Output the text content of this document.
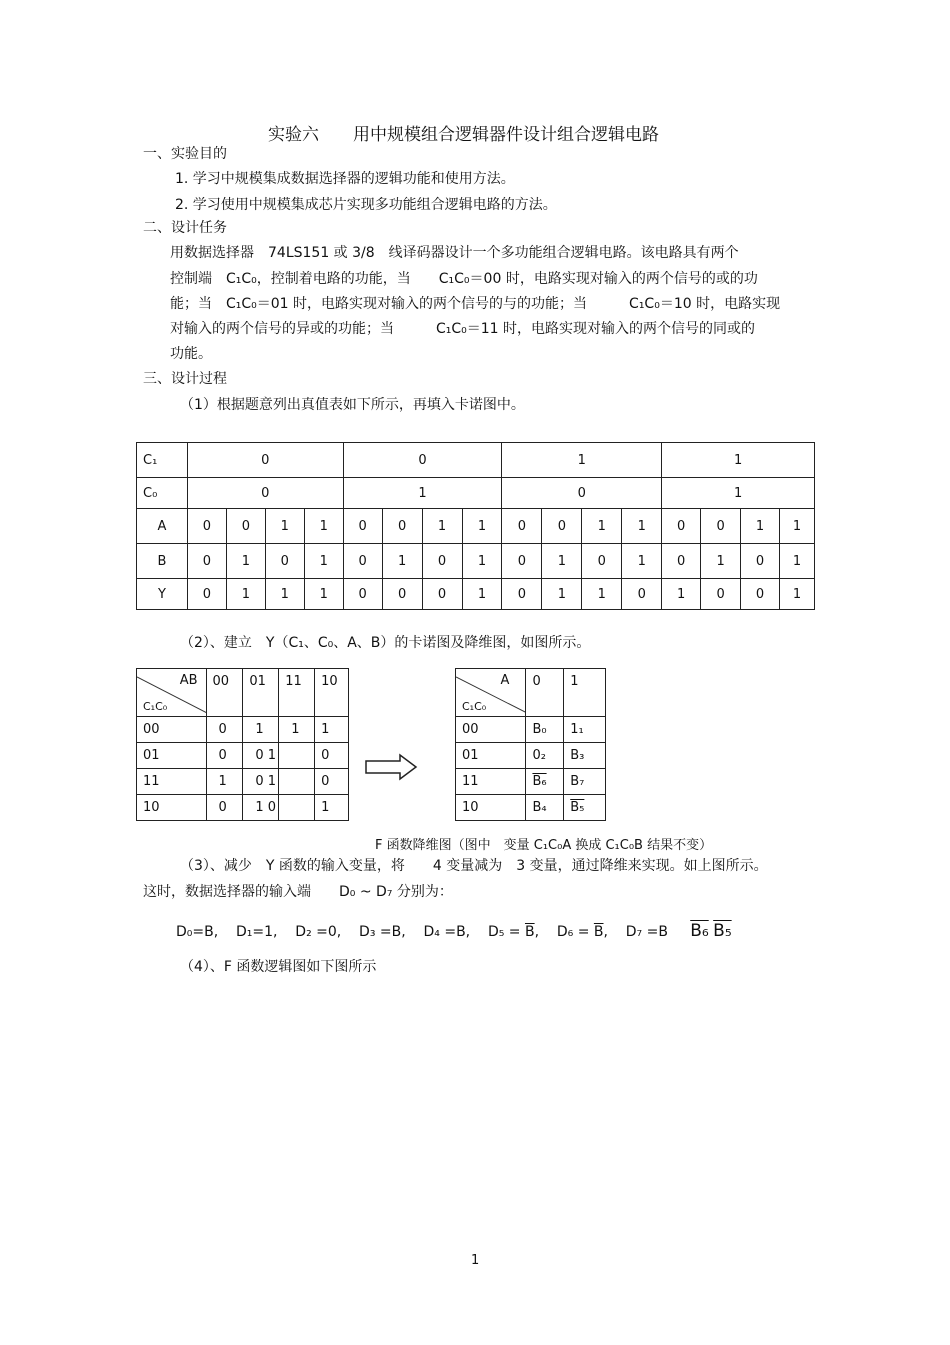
实验六　　用中规模组合逻辑器件设计组合逻辑电路
一、实验目的
1. 学习中规模集成数据选择器的逻辑功能和使用方法。
2. 学习使用中规模集成芯片实现多功能组合逻辑电路的方法。
二、设计任务
用数据选择器　74LS151 或 3/8　线译码器设计一个多功能组合逻辑电路。该电路具有两个
控制端　C₁C₀，控制着电路的功能，当　　C₁C₀＝00 时，电路实现对输入的两个信号的或的功
能；当　C₁C₀＝01 时，电路实现对输入的两个信号的与的功能；当　　　C₁C₀＝10 时，电路实现
对输入的两个信号的异或的功能；当　　　C₁C₀＝11 时，电路实现对输入的两个信号的同或的
功能。
三、设计过程
（1）根据题意列出真值表如下所示，再填入卡诺图中。
C₁	0				0				1				1			
C₀	0				1				0				1			
A	0	0	1	1	0	0	1	1	0	0	1	1	0	0	1	1
B	0	1	0	1	0	1	0	1	0	1	0	1	0	1	0	1
Y	0	1	1	1	0	0	0	1	0	1	1	0	1	0	0	1
（2）、建立　Y（C₁、C₀、A、B）的卡诺图及降维图，如图所示。
AB
C₁C₀	00	01	11	10
00	0	1	1	1
01	0	0 1		0
11	1	0 1		0
10	0	1 0		1
A
C₁C₀	0	1
00	B₀	1₁
01	0₂	B₃
11	B₆	B₇
10	B₄	B₅
F 函数降维图（图中　变量 C₁C₀A 换成 C₁C₀B 结果不变）
（3）、减少　Y 函数的输入变量，将　　4 变量减为　3 变量，通过降维来实现。如上图所示。
这时，数据选择器的输入端　　D₀ ~ D₇ 分别为：
D₀=B, D₁=1, D₂ =0, D₃ =B, D₄ =B, $D_5 = \overline{B}$, $D_6 = \overline{B}$, D₇ =B B₆ B₅
（4）、F 函数逻辑图如下图所示
1
